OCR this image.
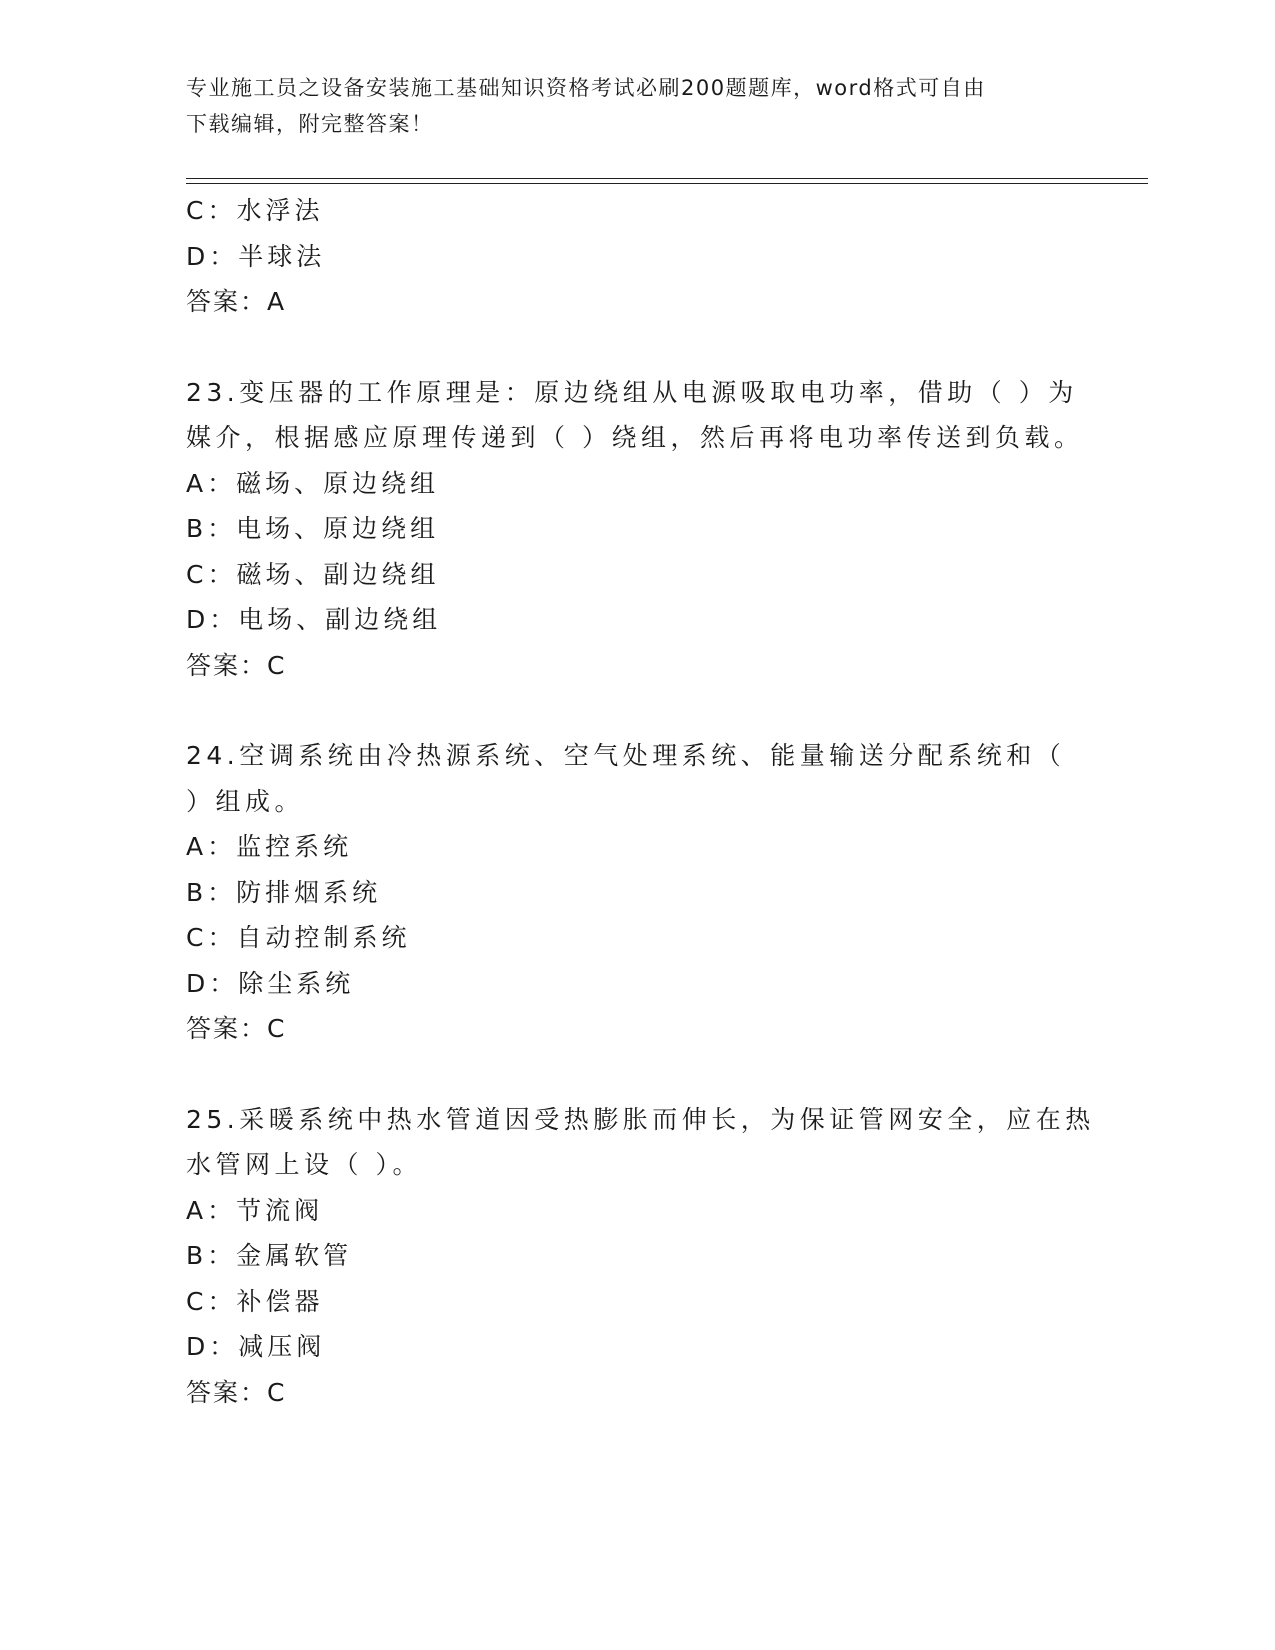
专业施工员之设备安装施工基础知识资格考试必刷200题题库，word格式可自由
下载编辑，附完整答案！
C：水浮法
D：半球法
答案：A
23.变压器的工作原理是：原边绕组从电源吸取电功率，借助（ ）为
媒介，根据感应原理传递到（ ）绕组，然后再将电功率传送到负载。
A：磁场、原边绕组
B：电场、原边绕组
C：磁场、副边绕组
D：电场、副边绕组
答案：C
24.空调系统由冷热源系统、空气处理系统、能量输送分配系统和（
）组成。
A：监控系统
B：防排烟系统
C：自动控制系统
D：除尘系统
答案：C
25.采暖系统中热水管道因受热膨胀而伸长，为保证管网安全，应在热
水管网上设（ ）。
A：节流阀
B：金属软管
C：补偿器
D：减压阀
答案：C
